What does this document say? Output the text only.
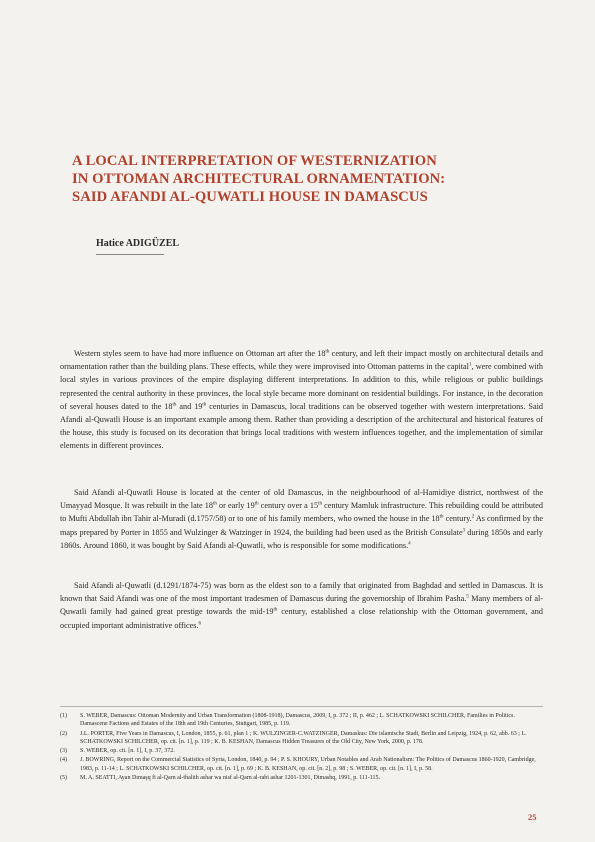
A LOCAL INTERPRETATION OF WESTERNIZATION
IN OTTOMAN ARCHITECTURAL ORNAMENTATION:
SAID AFANDI AL-QUWATLI HOUSE IN DAMASCUS

Hatice ADIGÜZEL

Western styles seem to have had more influence on Ottoman art after the 18th century, and left their impact mostly on architectural details and ornamentation rather than the building plans. These effects, while they were improvised into Ottoman patterns in the capital$^1$, were combined with local styles in various provinces of the empire displaying different interpretations. In addition to this, while religious or public buildings represented the central authority in these provinces, the local style became more dominant on residential buildings. For instance, in the decoration of several houses dated to the 18th and 19th centuries in Damascus, local traditions can be observed together with western interpretations. Said Afandi al-Quwatli House is an important example among them. Rather than providing a description of the architectural and historical features of the house, this study is focused on its decoration that brings local traditions with western influences together, and the implementation of similar elements in different provinces.

Said Afandi al-Quwatli House is located at the center of old Damascus, in the neighbourhood of al-Hamidiye district, northwest of the Umayyad Mosque. It was rebuilt in the late 18th or early 19th century over a 15th century Mamluk infrastructure. This rebuilding could be attributed to Mufti Abdullah ibn Tahir al-Muradi (d.1757/58) or to one of his family members, who owned the house in the 18th century.$^2$ As confirmed by the maps prepared by Porter in 1855 and Wulzinger & Watzinger in 1924, the building had been used as the British Consulate$^3$ during 1850s and early 1860s. Around 1860, it was bought by Said Afandi al-Quwatli, who is responsible for some modifications.$^4$

Said Afandi al-Quwatli (d.1291/1874-75) was born as the eldest son to a family that originated from Baghdad and settled in Damascus. It is known that Said Afandi was one of the most important tradesmen of Damascus during the governorship of Ibrahim Pasha.$^5$ Many members of al-Quwatli family had gained great prestige towards the mid-19th century, established a close relationship with the Ottoman government, and occupied important administrative offices.$^6$

(1) S. WEBER, Damascus: Ottoman Modernity and Urban Transformation (1808-1918), Damascus, 2009, I, p. 372 ; II, p. 462 ; L. SCHATKOWSKI SCHILCHER, Families in Politics. Damascene Factions and Estates of the 18th and 19th Centuries, Stuttgart, 1985, p. 119.
(2) J.L. PORTER, Five Years in Damascus, I, London, 1855, p. 61, plan 1 ; K. WULZINGER-C.WATZINGER, Damaskus: Die islamische Stadt, Berlin and Leipzig, 1924, p. 62, abb. 63 ; L. SCHATKOWSKI SCHILCHER, op. cit. [n. 1], p. 119 ; K. B. KESHAN, Damascus Hidden Treasures of the Old City, New York, 2000, p. 178.
(3) S. WEBER, op. cit. [n. 1], I, p. 37, 372.
(4) J. BOWRING, Report on the Commercial Statistics of Syria, London, 1840, p. 94 ; P. S. KHOURY, Urban Notables and Arab Nationalism: The Politics of Damascus 1860-1920, Cambridge, 1983, p. 11-14 ; L. SCHATKOWSKI SCHILCHER, op. cit. [n. 1], p. 69 ; K. B. KESHAN, op. cit. [n. 2], p. 98 ; S. WEBER, op. cit. [n. 1], I, p. 58.
(5) M. A. SEATTI, Ayan Dımaşq fi al-Qarn al-thalith ashar wa nisf al-Qarn al-rabi ashar 1201-1301, Dimashq, 1991, p. 111-115.
25
